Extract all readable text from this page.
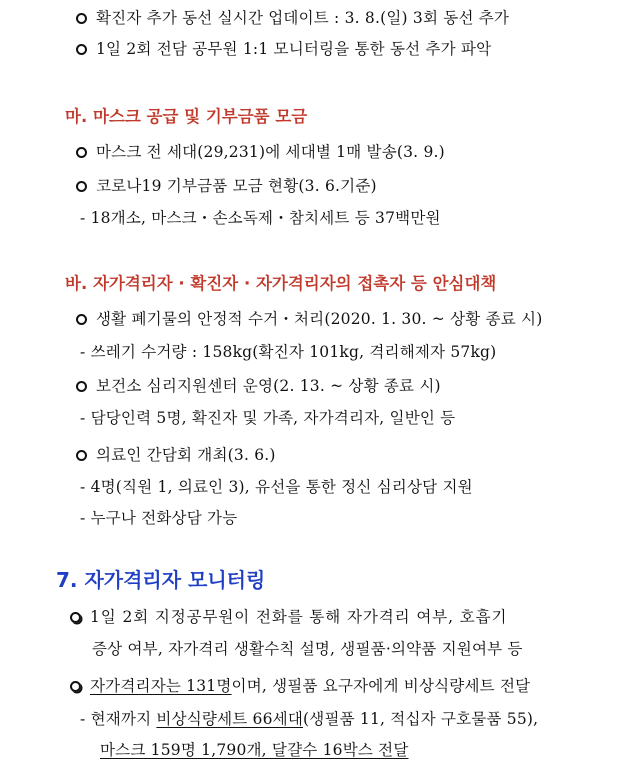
확진자 추가 동선 실시간 업데이트 : 3. 8.(일) 3회 동선 추가
1일 2회 전담 공무원 1:1 모니터링을 통한 동선 추가 파악
마. 마스크 공급 및 기부금품 모금
마스크 전 세대(29,231)에 세대별 1매 발송(3. 9.)
코로나19 기부금품 모금 현황(3. 6.기준)
- 18개소, 마스크・손소독제・참치세트 등 37백만원
바. 자가격리자 · 확진자 · 자가격리자의 접촉자 등 안심대책
생활 폐기물의 안정적 수거・처리(2020. 1. 30. ~ 상황 종료 시)
- 쓰레기 수거량 : 158kg(확진자 101kg, 격리해제자 57kg)
보건소 심리지원센터 운영(2. 13. ~ 상황 종료 시)
- 담당인력 5명, 확진자 및 가족, 자가격리자, 일반인 등
의료인 간담회 개최(3. 6.)
- 4명(직원 1, 의료인 3), 유선을 통한 정신 심리상담 지원
- 누구나 전화상담 가능
7. 자가격리자 모니터링
1일 2회 지정공무원이 전화를 통해 자가격리 여부, 호흡기
증상 여부, 자가격리 생활수칙 설명, 생필품·의약품 지원여부 등
자가격리자는 131명이며, 생필품 요구자에게 비상식량세트 전달
- 현재까지 비상식량세트 66세대(생필품 11, 적십자 구호물품 55),
마스크 159명 1,790개, 달걀수 16박스 전달
